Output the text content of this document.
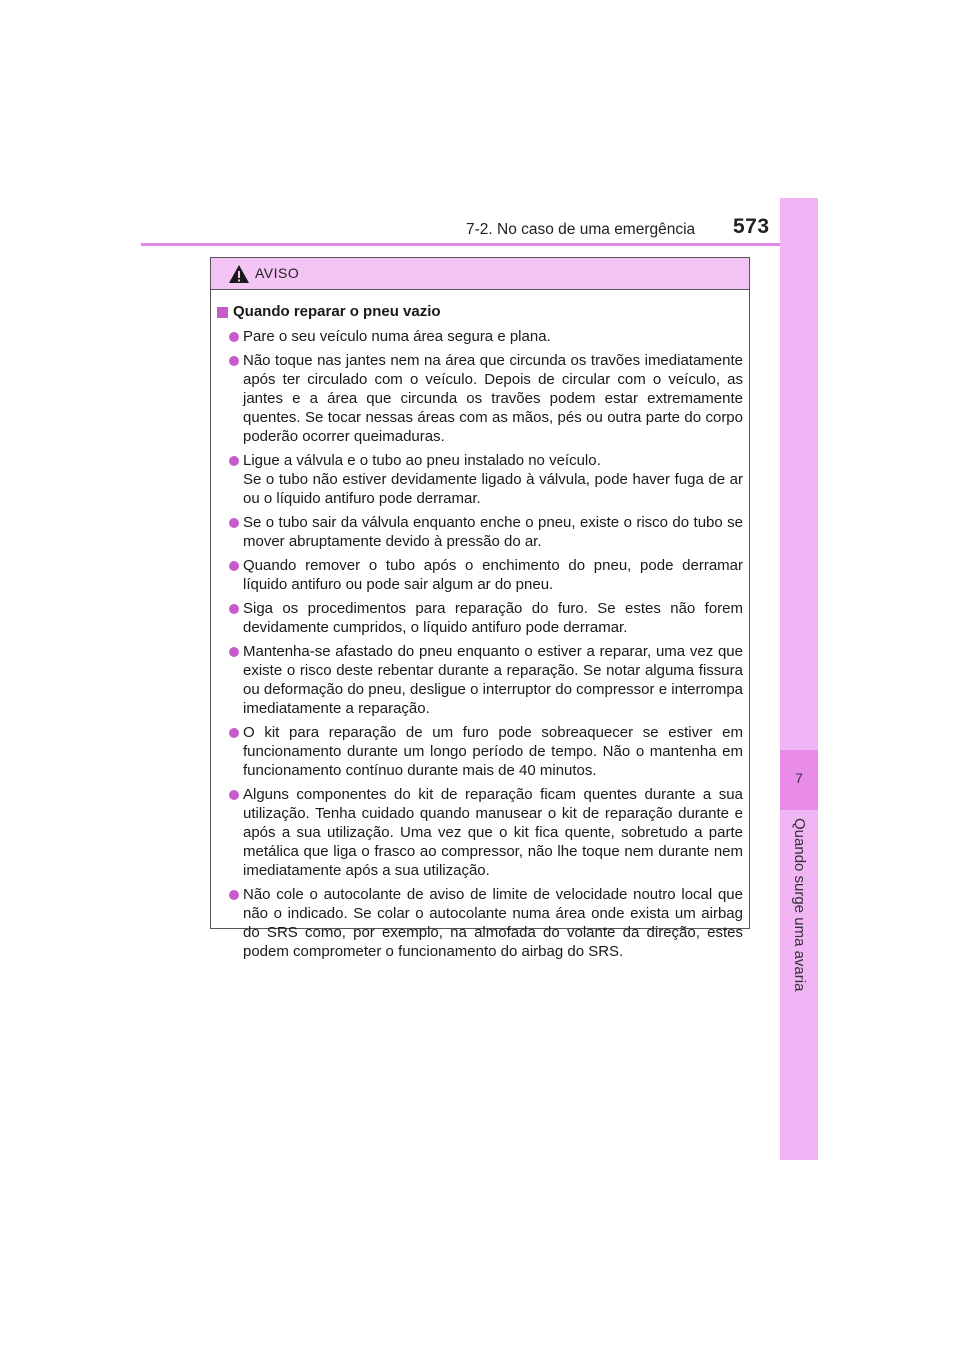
7-2. No caso de uma emergência 573
7
Quando surge uma avaria
AVISO
Quando reparar o pneu vazio
Pare o seu veículo numa área segura e plana.
Não toque nas jantes nem na área que circunda os travões imediatamente após ter circulado com o veículo. Depois de circular com o veículo, as jantes e a área que circunda os travões podem estar extremamente quentes. Se tocar nessas áreas com as mãos, pés ou outra parte do corpo poderão ocorrer queimaduras.
Ligue a válvula e o tubo ao pneu instalado no veículo.
Se o tubo não estiver devidamente ligado à válvula, pode haver fuga de ar ou o líquido antifuro pode derramar.
Se o tubo sair da válvula enquanto enche o pneu, existe o risco do tubo se mover abruptamente devido à pressão do ar.
Quando remover o tubo após o enchimento do pneu, pode derramar líquido antifuro ou pode sair algum ar do pneu.
Siga os procedimentos para reparação do furo. Se estes não forem devidamente cumpridos, o líquido antifuro pode derramar.
Mantenha-se afastado do pneu enquanto o estiver a reparar, uma vez que existe o risco deste rebentar durante a reparação. Se notar alguma fissura ou deformação do pneu, desligue o interruptor do compressor e interrompa imediatamente a reparação.
O kit para reparação de um furo pode sobreaquecer se estiver em funcionamento durante um longo período de tempo. Não o mantenha em funcionamento contínuo durante mais de 40 minutos.
Alguns componentes do kit de reparação ficam quentes durante a sua utilização. Tenha cuidado quando manusear o kit de reparação durante e após a sua utilização. Uma vez que o kit fica quente, sobretudo a parte metálica que liga o frasco ao compressor, não lhe toque nem durante nem imediatamente após a sua utilização.
Não cole o autocolante de aviso de limite de velocidade noutro local que não o indicado. Se colar o autocolante numa área onde exista um airbag do SRS como, por exemplo, na almofada do volante da direção, estes podem comprometer o funcionamento do airbag do SRS.
